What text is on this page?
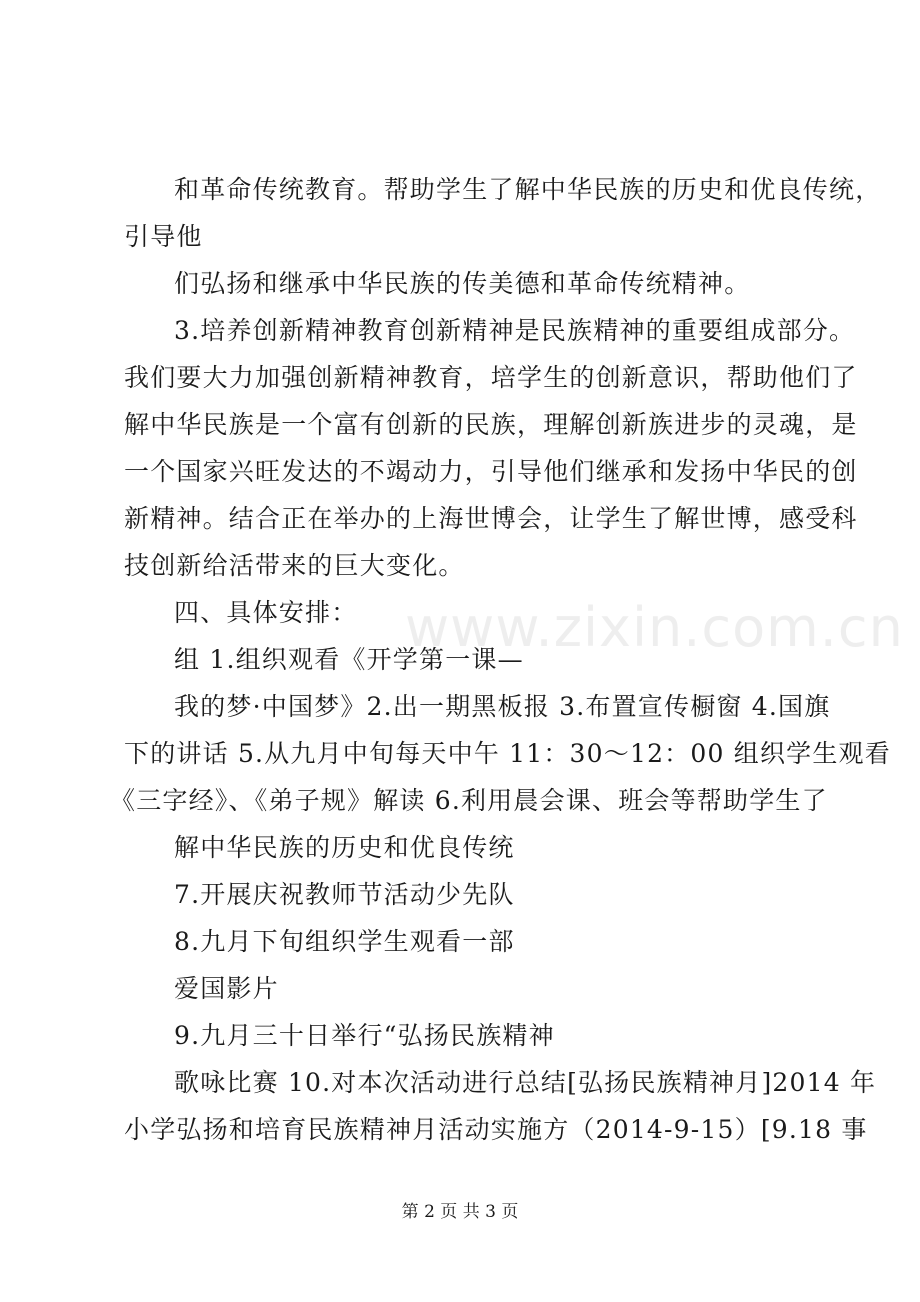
和革命传统教育。帮助学生了解中华民族的历史和优良传统，
引导他
们弘扬和继承中华民族的传美德和革命传统精神。
3.培养创新精神教育创新精神是民族精神的重要组成部分。
我们要大力加强创新精神教育，培学生的创新意识，帮助他们了
解中华民族是一个富有创新的民族，理解创新族进步的灵魂，是
一个国家兴旺发达的不竭动力，引导他们继承和发扬中华民的创
新精神。结合正在举办的上海世博会，让学生了解世博，感受科
技创新给活带来的巨大变化。
四、具体安排：
组 1.组织观看《开学第一课—
我的梦·中国梦》2.出一期黑板报 3.布置宣传橱窗 4.国旗
下的讲话 5.从九月中旬每天中午 11：30～12：00 组织学生观看
《三字经》、《弟子规》解读 6.利用晨会课、班会等帮助学生了
解中华民族的历史和优良传统
7.开展庆祝教师节活动少先队
8.九月下旬组织学生观看一部
爱国影片
9.九月三十日举行“弘扬民族精神
歌咏比赛 10.对本次活动进行总结[弘扬民族精神月]2014 年
小学弘扬和培育民族精神月活动实施方（2014-9-15）[9.18 事
www.zixin.com.cn
第 2 页 共 3 页
